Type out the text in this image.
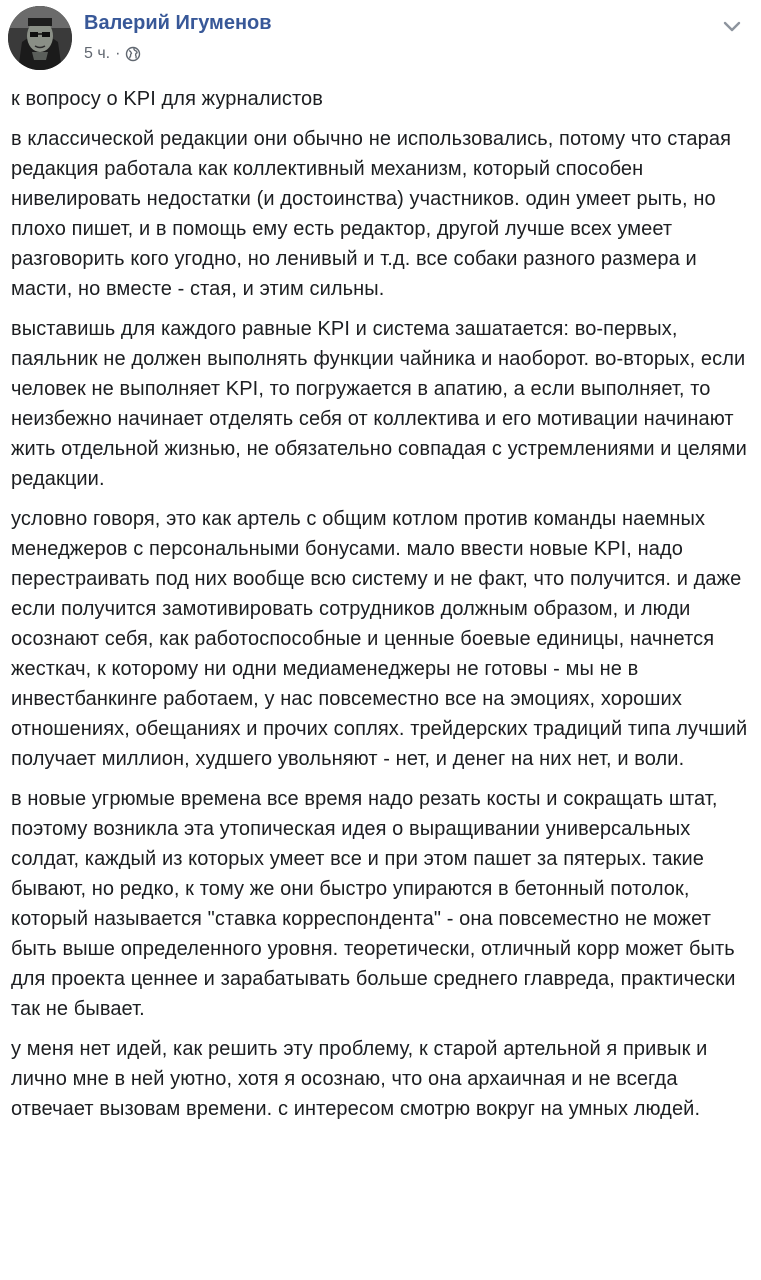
Валерий Игуменов
5 ч. ·

к вопросу о KPI для журналистов

в классической редакции они обычно не использовались, потому что старая редакция работала как коллективный механизм, который способен нивелировать недостатки (и достоинства) участников. один умеет рыть, но плохо пишет, и в помощь ему есть редактор, другой лучше всех умеет разговорить кого угодно, но ленивый и т.д. все собаки разного размера и масти, но вместе - стая, и этим сильны.

выставишь для каждого равные KPI и система зашатается: во-первых, паяльник не должен выполнять функции чайника и наоборот. во-вторых, если человек не выполняет KPI, то погружается в апатию, а если выполняет, то неизбежно начинает отделять себя от коллектива и его мотивации начинают жить отдельной жизнью, не обязательно совпадая с устремлениями и целями редакции.

условно говоря, это как артель с общим котлом против команды наемных менеджеров с персональными бонусами. мало ввести новые KPI, надо перестраивать под них вообще всю систему и не факт, что получится. и даже если получится замотивировать сотрудников должным образом, и люди осознают себя, как работоспособные и ценные боевые единицы, начнется жесткач, к которому ни одни медиаменеджеры не готовы - мы не в инвестбанкинге работаем, у нас повсеместно все на эмоциях, хороших отношениях, обещаниях и прочих соплях. трейдерских традиций типа лучший получает миллион, худшего увольняют - нет, и денег на них нет, и воли.

в новые угрюмые времена все время надо резать косты и сокращать штат, поэтому возникла эта утопическая идея о выращивании универсальных солдат, каждый из которых умеет все и при этом пашет за пятерых. такие бывают, но редко, к тому же они быстро упираются в бетонный потолок, который называется "ставка корреспондента" - она повсеместно не может быть выше определенного уровня. теоретически, отличный корр может быть для проекта ценнее и зарабатывать больше среднего главреда, практически так не бывает.

у меня нет идей, как решить эту проблему, к старой артельной я привык и лично мне в ней уютно, хотя я осознаю, что она архаичная и не всегда отвечает вызовам времени. с интересом смотрю вокруг на умных людей.
